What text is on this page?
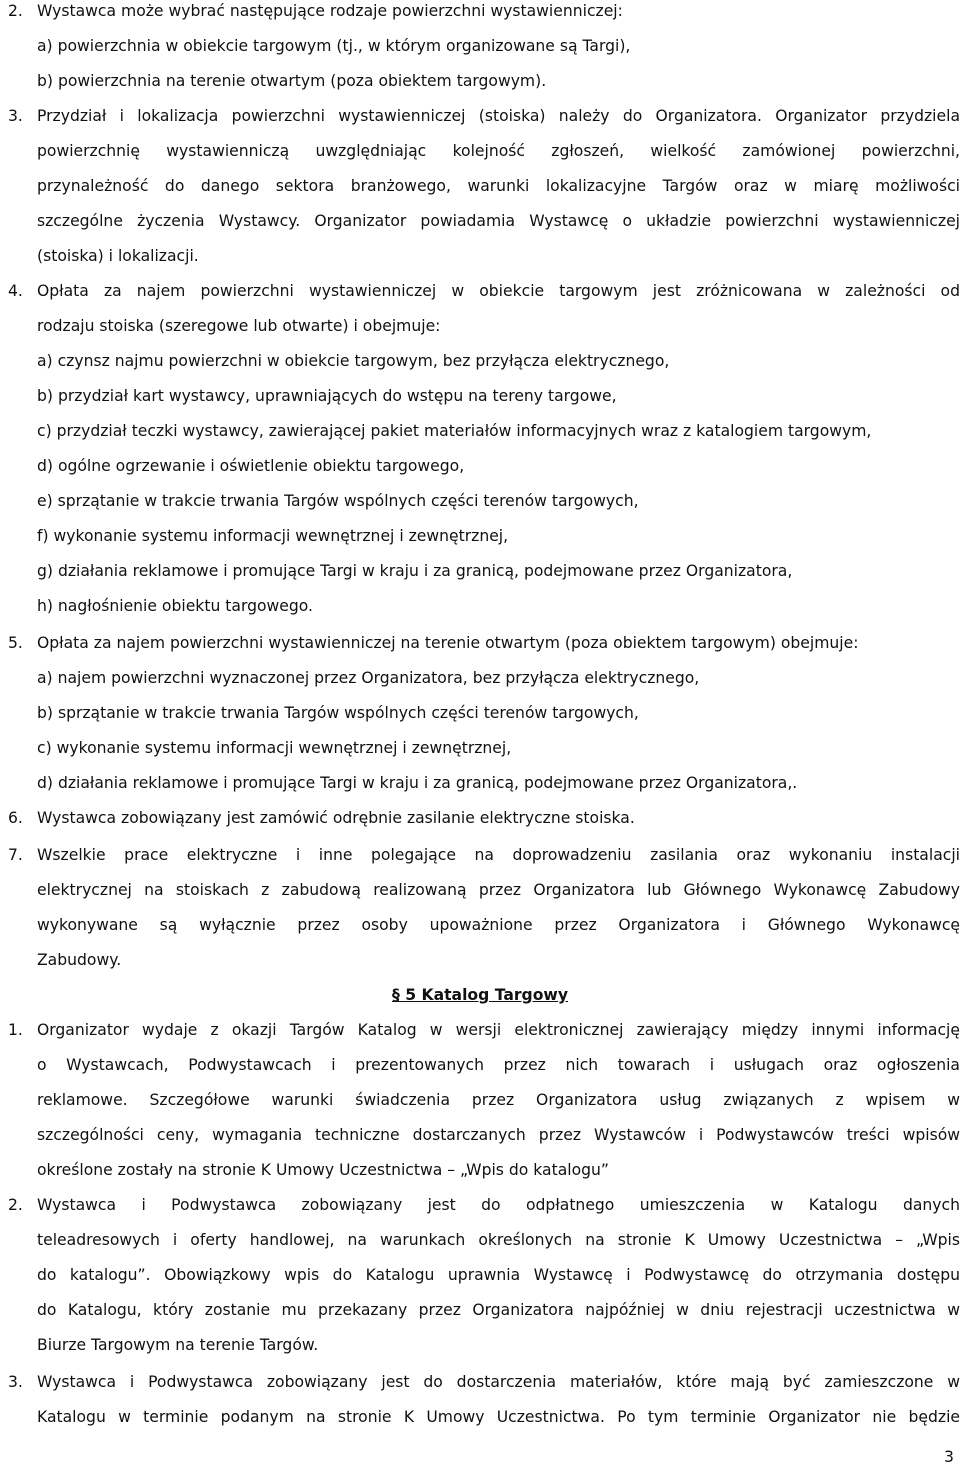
2. Wystawca może wybrać następujące rodzaje powierzchni wystawienniczej:
a) powierzchnia w obiekcie targowym (tj., w którym organizowane są Targi),
b) powierzchnia na terenie otwartym (poza obiektem targowym).
3. Przydział i lokalizacja powierzchni wystawienniczej (stoiska) należy do Organizatora. Organizator przydziela
powierzchnię wystawienniczą uwzględniając kolejność zgłoszeń, wielkość zamówionej powierzchni,
przynależność do danego sektora branżowego, warunki lokalizacyjne Targów oraz w miarę możliwości
szczególne życzenia Wystawcy. Organizator powiadamia Wystawcę o układzie powierzchni wystawienniczej
(stoiska) i lokalizacji.
4. Opłata za najem powierzchni wystawienniczej w obiekcie targowym jest zróżnicowana w zależności od
rodzaju stoiska (szeregowe lub otwarte) i obejmuje:
a) czynsz najmu powierzchni w obiekcie targowym, bez przyłącza elektrycznego,
b) przydział kart wystawcy, uprawniających do wstępu na tereny targowe,
c) przydział teczki wystawcy, zawierającej pakiet materiałów informacyjnych wraz z katalogiem targowym,
d) ogólne ogrzewanie i oświetlenie obiektu targowego,
e) sprzątanie w trakcie trwania Targów wspólnych części terenów targowych,
f) wykonanie systemu informacji wewnętrznej i zewnętrznej,
g) działania reklamowe i promujące Targi w kraju i za granicą, podejmowane przez Organizatora,
h) nagłośnienie obiektu targowego.
5. Opłata za najem powierzchni wystawienniczej na terenie otwartym (poza obiektem targowym) obejmuje:
a) najem powierzchni wyznaczonej przez Organizatora, bez przyłącza elektrycznego,
b) sprzątanie w trakcie trwania Targów wspólnych części terenów targowych,
c) wykonanie systemu informacji wewnętrznej i zewnętrznej,
d) działania reklamowe i promujące Targi w kraju i za granicą, podejmowane przez Organizatora,.
6. Wystawca zobowiązany jest zamówić odrębnie zasilanie elektryczne stoiska.
7. Wszelkie prace elektryczne i inne polegające na doprowadzeniu zasilania oraz wykonaniu instalacji
elektrycznej na stoiskach z zabudową realizowaną przez Organizatora lub Głównego Wykonawcę Zabudowy
wykonywane są wyłącznie przez osoby upoważnione przez Organizatora i Głównego Wykonawcę
Zabudowy.
§ 5 Katalog Targowy
1. Organizator wydaje z okazji Targów Katalog w wersji elektronicznej zawierający między innymi informację
o Wystawcach, Podwystawcach i prezentowanych przez nich towarach i usługach oraz ogłoszenia
reklamowe. Szczegółowe warunki świadczenia przez Organizatora usług związanych z wpisem w
szczególności ceny, wymagania techniczne dostarczanych przez Wystawców i Podwystawców treści wpisów
określone zostały na stronie K Umowy Uczestnictwa – „Wpis do katalogu”
2. Wystawca i Podwystawca zobowiązany jest do odpłatnego umieszczenia w Katalogu danych
teleadresowych i oferty handlowej, na warunkach określonych na stronie K Umowy Uczestnictwa – „Wpis
do katalogu”. Obowiązkowy wpis do Katalogu uprawnia Wystawcę i Podwystawcę do otrzymania dostępu
do Katalogu, który zostanie mu przekazany przez Organizatora najpóźniej w dniu rejestracji uczestnictwa w
Biurze Targowym na terenie Targów.
3. Wystawca i Podwystawca zobowiązany jest do dostarczenia materiałów, które mają być zamieszczone w
Katalogu w terminie podanym na stronie K Umowy Uczestnictwa. Po tym terminie Organizator nie będzie
3
